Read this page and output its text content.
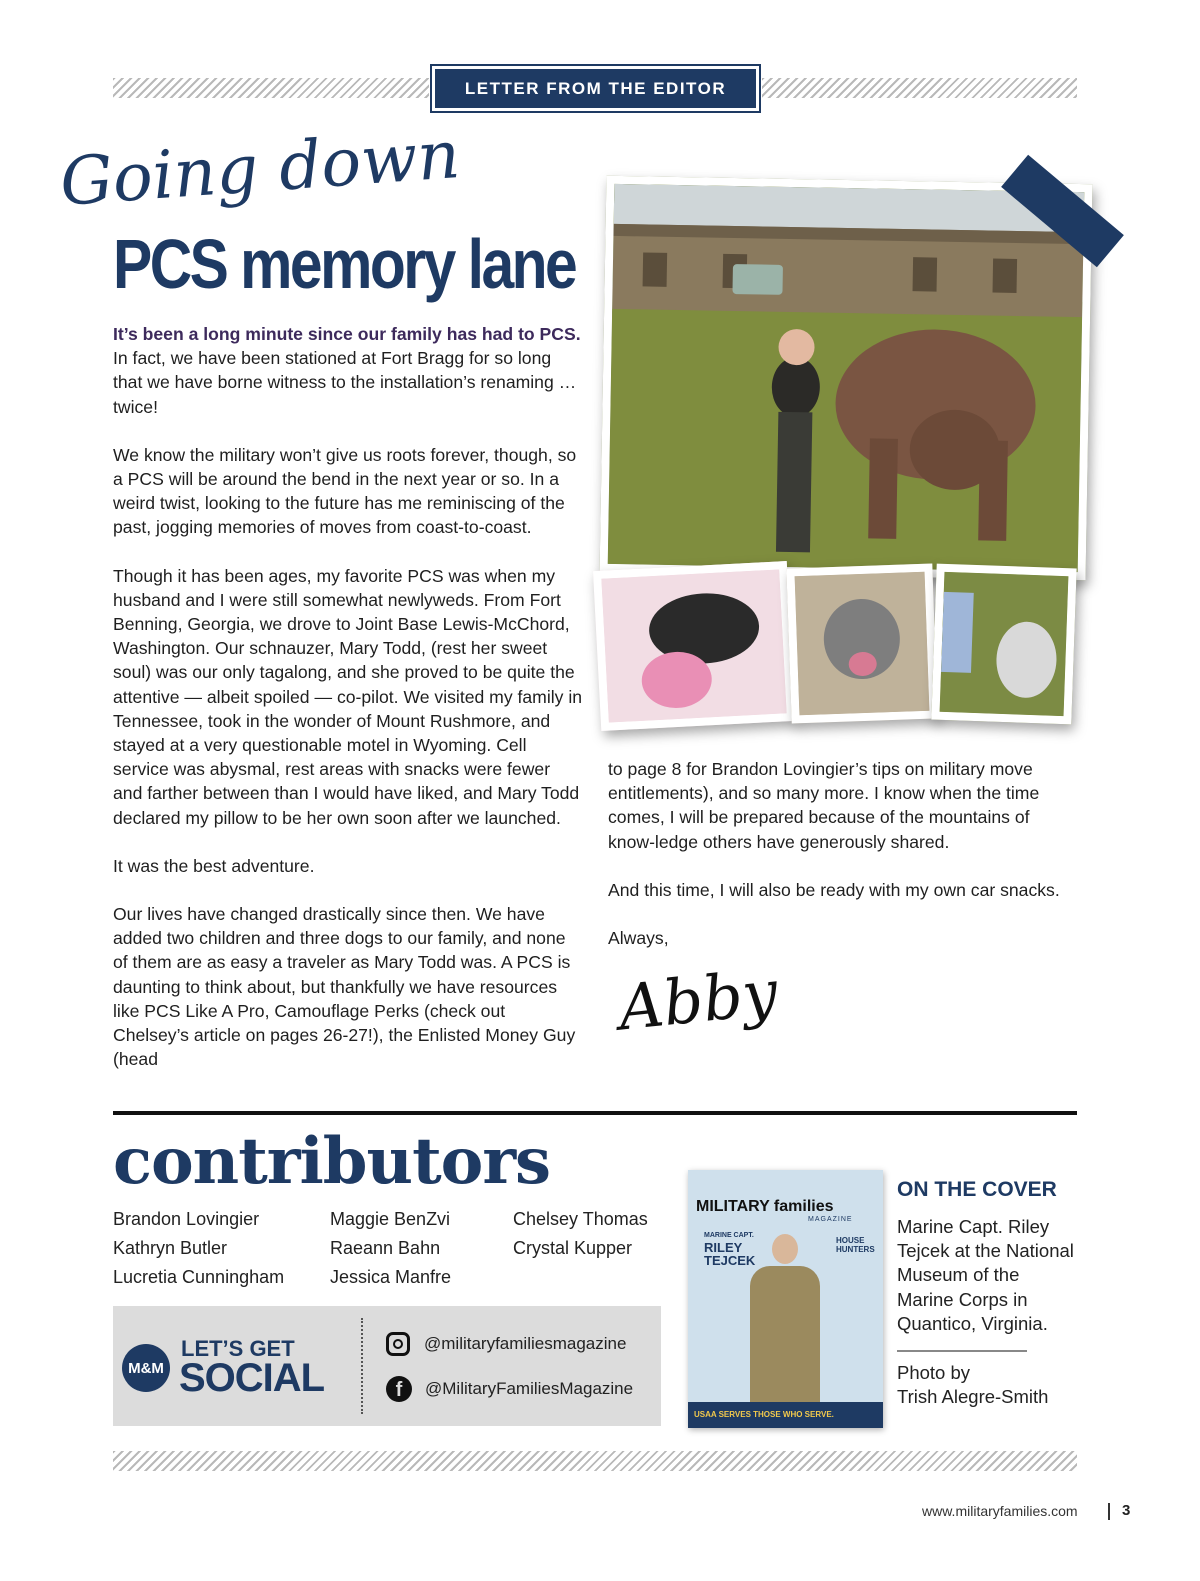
LETTER FROM THE EDITOR
Going down
PCS memory lane

It’s been a long minute since our family has had to PCS. In fact, we have been stationed at Fort Bragg for so long that we have borne witness to the installation’s renaming … twice!

We know the military won’t give us roots forever, though, so a PCS will be around the bend in the next year or so. In a weird twist, looking to the future has me reminiscing of the past, jogging memories of moves from coast-to-coast.

Though it has been ages, my favorite PCS was when my husband and I were still somewhat newlyweds. From Fort Benning, Georgia, we drove to Joint Base Lewis-McChord, Washington. Our schnauzer, Mary Todd, (rest her sweet soul) was our only tagalong, and she proved to be quite the attentive — albeit spoiled — co-pilot. We visited my family in Tennessee, took in the wonder of Mount Rushmore, and stayed at a very questionable motel in Wyoming. Cell service was abysmal, rest areas with snacks were fewer and farther between than I would have liked, and Mary Todd declared my pillow to be her own soon after we launched.

It was the best adventure.

Our lives have changed drastically since then. We have added two children and three dogs to our family, and none of them are as easy a traveler as Mary Todd was. A PCS is daunting to think about, but thankfully we have resources like PCS Like A Pro, Camouflage Perks (check out Chelsey’s article on pages 26-27!), the Enlisted Money Guy (head

to page 8 for Brandon Lovingier’s tips on military move entitlements), and so many more. I know when the time comes, I will be prepared because of the mountains of know-ledge others have generously shared.

And this time, I will also be ready with my own car snacks.

Always,

Abby
contributors
Brandon Lovingier
Kathryn Butler
Lucretia Cunningham
Maggie BenZvi
Raeann Bahn
Jessica Manfre
Chelsey Thomas
Crystal Kupper
M&M
LET’S GET
SOCIAL
@militaryfamiliesmagazine
f	@MilitaryFamiliesMagazine
MILITARY families
MAGAZINE
MARINE CAPT.
RILEY
TEJCEK
HOUSE HUNTERS
USAA SERVES THOSE WHO SERVE.
ON THE COVER
Marine Capt. Riley Tejcek at the National Museum of the Marine Corps in Quantico, Virginia.
Photo by
Trish Alegre-Smith
www.militaryfamilies.com	3
